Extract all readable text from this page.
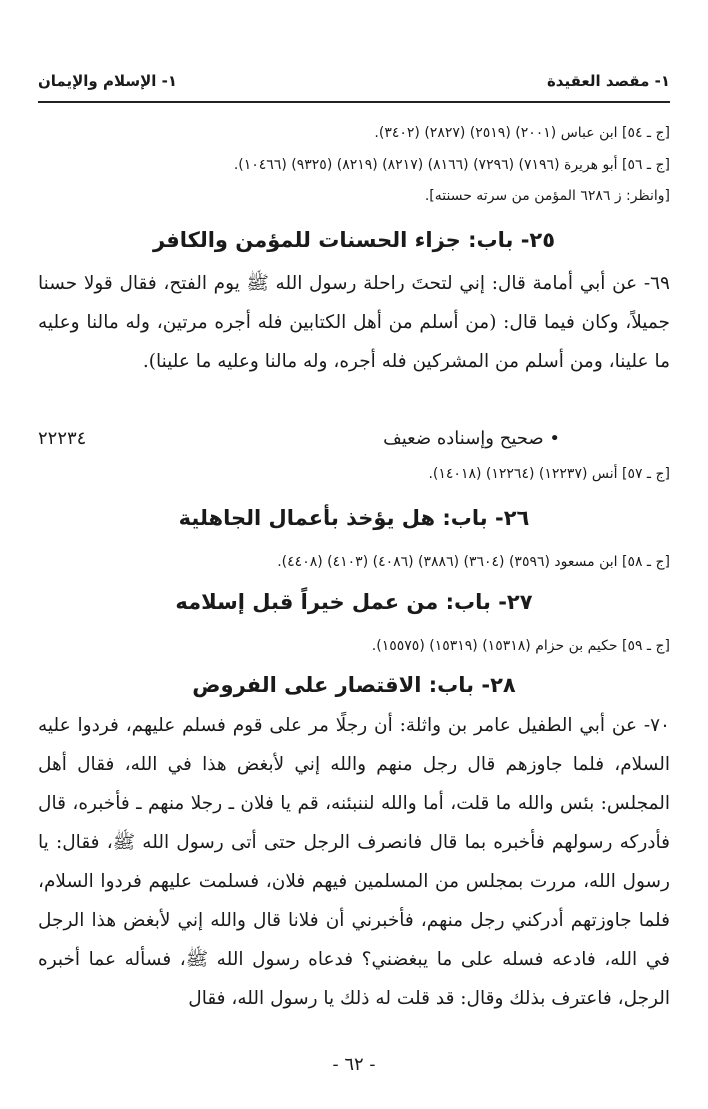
١- مقصد العقيدة
١- الإسلام والإيمان
[ج ـ ٥٤] ابن عباس (٢٠٠١) (٢٥١٩) (٢٨٢٧) (٣٤٠٢).
[ج ـ ٥٦] أبو هريرة (٧١٩٦) (٧٢٩٦) (٨١٦٦) (٨٢١٧) (٨٢١٩) (٩٣٢٥) (١٠٤٦٦).
[وانظر: ز ٦٢٨٦ المؤمن من سرته حسنته].
٢٥- باب: جزاء الحسنات للمؤمن والكافر
٦٩- عن أبي أمامة قال: إني لتحتَ راحلة رسول الله ﷺ يوم الفتح، فقال قولا حسنا جميلاً، وكان فيما قال: (من أسلم من أهل الكتابين فله أجره مرتين، وله مالنا وعليه ما علينا، ومن أسلم من المشركين فله أجره، وله مالنا وعليه ما علينا).
• صحيح وإسناده ضعيف
٢٢٢٣٤
[ج ـ ٥٧] أنس (١٢٢٣٧) (١٢٢٦٤) (١٤٠١٨).
٢٦- باب: هل يؤخذ بأعمال الجاهلية
[ج ـ ٥٨] ابن مسعود (٣٥٩٦) (٣٦٠٤) (٣٨٨٦) (٤٠٨٦) (٤١٠٣) (٤٤٠٨).
٢٧- باب: من عمل خيراً قبل إسلامه
[ج ـ ٥٩] حكيم بن حزام (١٥٣١٨) (١٥٣١٩) (١٥٥٧٥).
٢٨- باب: الاقتصار على الفروض
٧٠- عن أبي الطفيل عامر بن واثلة: أن رجلًا مر على قوم فسلم عليهم، فردوا عليه السلام، فلما جاوزهم قال رجل منهم والله إني لأبغض هذا في الله، فقال أهل المجلس: بئس والله ما قلت، أما والله لننبئنه، قم يا فلان ـ رجلا منهم ـ فأخبره، قال فأدركه رسولهم فأخبره بما قال فانصرف الرجل حتى أتى رسول الله ﷺ، فقال: يا رسول الله، مررت بمجلس من المسلمين فيهم فلان، فسلمت عليهم فردوا السلام، فلما جاوزتهم أدركني رجل منهم، فأخبرني أن فلانا قال والله إني لأبغض هذا الرجل في الله، فادعه فسله على ما يبغضني؟ فدعاه رسول الله ﷺ، فسأله عما أخبره الرجل، فاعترف بذلك وقال: قد قلت له ذلك يا رسول الله، فقال
- ٦٢ -
